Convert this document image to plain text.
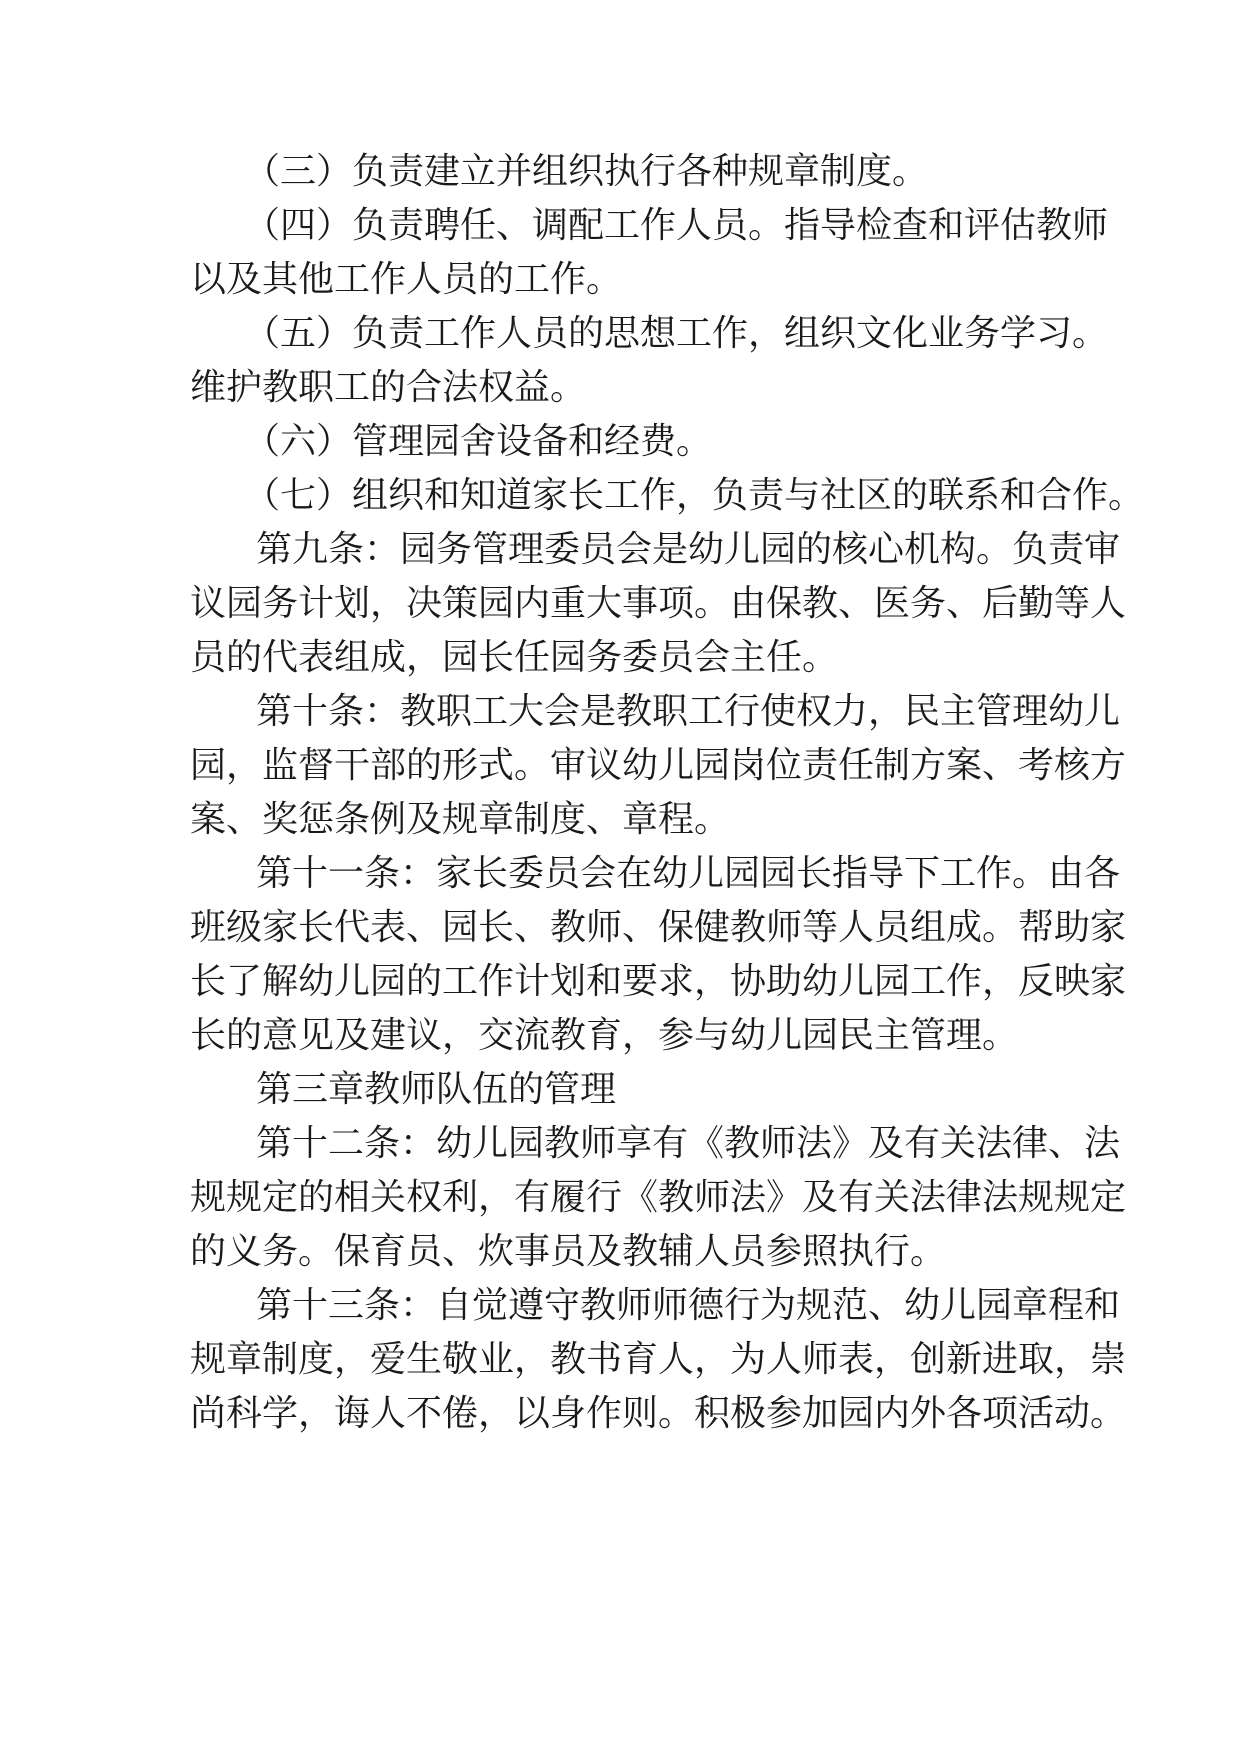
（三）负责建立并组织执行各种规章制度。
（四）负责聘任、调配工作人员。指导检查和评估教师
以及其他工作人员的工作。
（五）负责工作人员的思想工作，组织文化业务学习。
维护教职工的合法权益。
（六）管理园舍设备和经费。
（七）组织和知道家长工作，负责与社区的联系和合作。
第九条：园务管理委员会是幼儿园的核心机构。负责审
议园务计划，决策园内重大事项。由保教、医务、后勤等人
员的代表组成，园长任园务委员会主任。
第十条：教职工大会是教职工行使权力，民主管理幼儿
园，监督干部的形式。审议幼儿园岗位责任制方案、考核方
案、奖惩条例及规章制度、章程。
第十一条：家长委员会在幼儿园园长指导下工作。由各
班级家长代表、园长、教师、保健教师等人员组成。帮助家
长了解幼儿园的工作计划和要求，协助幼儿园工作，反映家
长的意见及建议，交流教育，参与幼儿园民主管理。
第三章教师队伍的管理
第十二条：幼儿园教师享有《教师法》及有关法律、法
规规定的相关权利，有履行《教师法》及有关法律法规规定
的义务。保育员、炊事员及教辅人员参照执行。
第十三条：自觉遵守教师师德行为规范、幼儿园章程和
规章制度，爱生敬业，教书育人，为人师表，创新进取，崇
尚科学，诲人不倦，以身作则。积极参加园内外各项活动。
